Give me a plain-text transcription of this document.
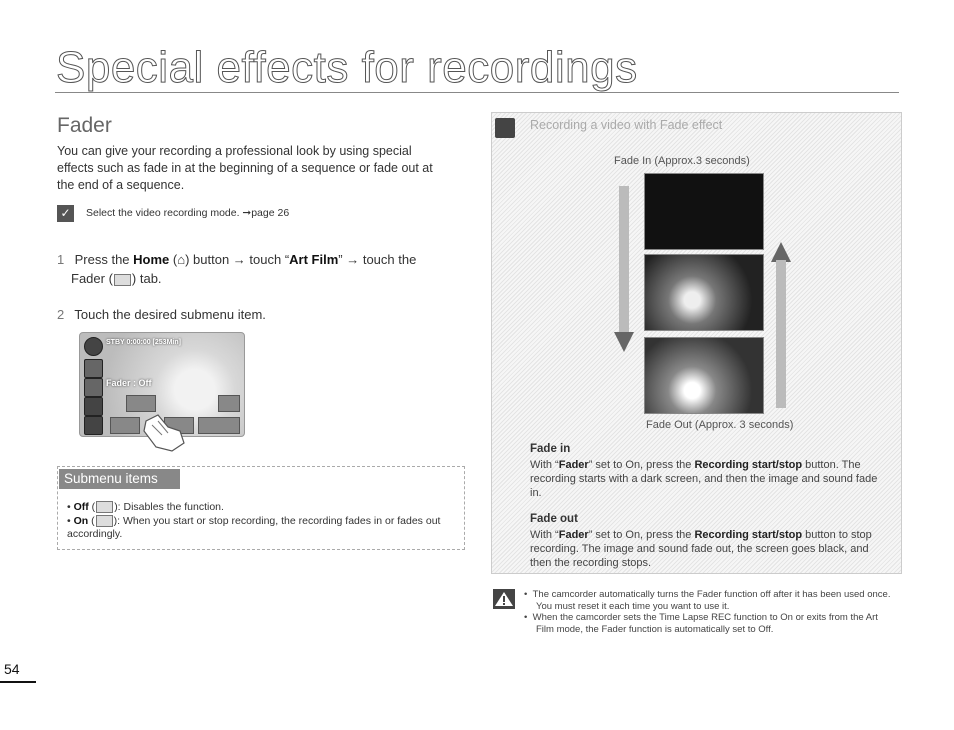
Special effects for recordings
Fader
You can give your recording a professional look by using special effects such as fade in at the beginning of a sequence or fade out at the end of a sequence.
✓	Select the video recording mode. ➞page 26
1 Press the Home (⌂) button → touch “Art Film” → touch the
Fader ( ) tab.
2 Touch the desired submenu item.
STBY 0:00:00 [253Min]
Fader : Off
Submenu items
• Off ( ): Disables the function.
• On ( ): When you start or stop recording, the recording fades in or fades out accordingly.
Recording a video with Fade effect
Fade In (Approx.3 seconds)
Fade Out (Approx. 3 seconds)
Fade in
With “Fader” set to On, press the Recording start/stop button. The recording starts with a dark screen, and then the image and sound fade in.
Fade out
With “Fader” set to On, press the Recording start/stop button to stop recording. The image and sound fade out, the screen goes black, and then the recording stops.
•  The camcorder automatically turns the Fader function off after it has been used once. You must reset it each time you want to use it.
•  When the camcorder sets the Time Lapse REC function to On or exits from the Art Film mode, the Fader function is automatically set to Off.
54
